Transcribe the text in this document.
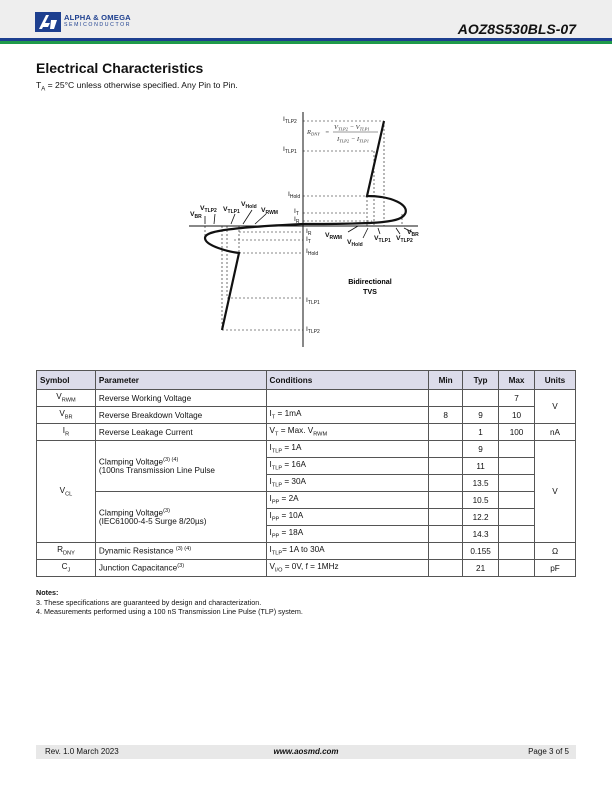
ALPHA & OMEGA
SEMICONDUCTOR	AOZ8S530BLS-07
Electrical Characteristics
$T_A = 25^\circ C$ unless otherwise specified. Any Pin to Pin.
$I_{TLP2}$
$I_{TLP1}$
$I_{Hold}$
$I_T$
$I_R$
$I_R$
$I_T$
$I_{Hold}$
$I_{TLP1}$
$I_{TLP2}$
$V_{BR}$
$V_{TLP2}$ $V_{TLP1}$
$V_{Hold}$ $V_{RWM}$
$V_{RWM}$
$V_{Hold}$
$V_{TLP1}$ $V_{TLP2}$
$V_{BR}$
$R_{DNY}$ =
$V_{TLP2} - V_{TLP1}$
$I_{TLP2} - I_{TLP1}$
Bidirectional
TVS
Symbol	Parameter	Conditions	Min	Typ	Max	Units
$V_{RWM}$	Reverse Working Voltage				7	V
$V_{BR}$	Reverse Breakdown Voltage	$I_T = 1mA$	8	9	10	
$I_R$	Reverse Leakage Current	$V_T$ = Max. $V_{RWM}$		1	100	nA
$V_{CL}$	Clamping Voltage$^{(3) (4)}$
(100ns Transmission Line Pulse	$I_{TLP} = 1A$		9		V
		$I_{TLP} = 16A$		11		
		$I_{TLP} = 30A$		13.5		
	Clamping Voltage$^{(3)}$
(IEC61000-4-5 Surge 8/20µs)	$I_{PP} = 2A$		10.5		
		$I_{PP} = 10A$		12.2		
		$I_{PP} = 18A$		14.3		
$R_{DNY}$	Dynamic Resistance $^{(3) (4)}$	$I_{TLP}= 1A$ to 30A		0.155		Ω
$C_J$	Junction Capacitance$^{(3)}$	$V_{I/O} = 0V$, f = 1MHz		21		pF
Notes:
3. These specifications are guaranteed by design and characterization.
4. Measurements performed using a 100 nS Transmission Line Pulse (TLP) system.
Rev. 1.0 March 2023	www.aosmd.com	Page 3 of 5
